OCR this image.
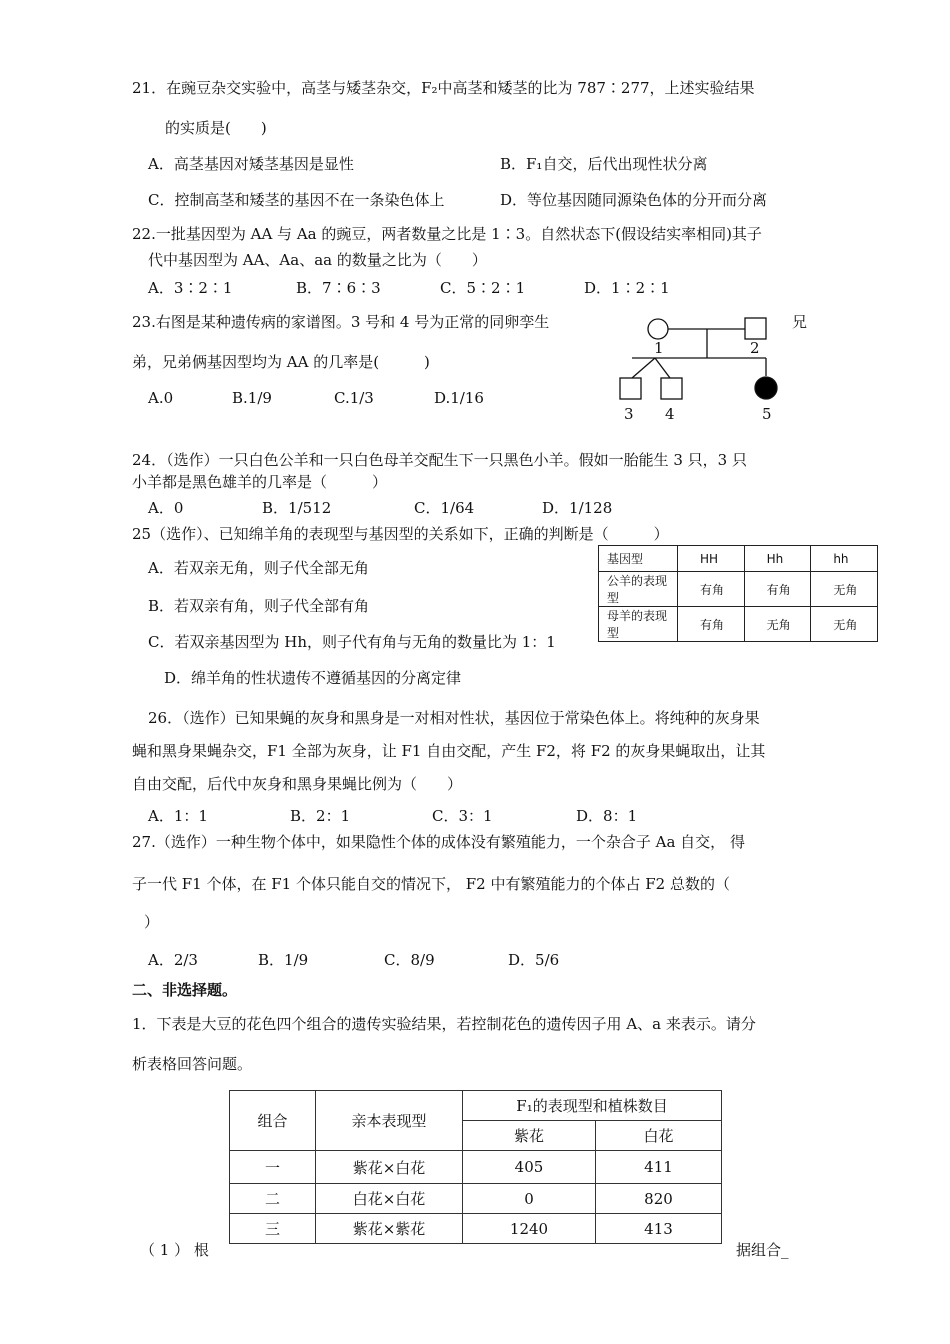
21．在豌豆杂交实验中，高茎与矮茎杂交，F₂中高茎和矮茎的比为 787∶277，上述实验结果
的实质是(　　)
A．高茎基因对矮茎基因是显性	B．F₁自交，后代出现性状分离
C．控制高茎和矮茎的基因不在一条染色体上	D．等位基因随同源染色体的分开而分离
22.一批基因型为 AA 与 Aa 的豌豆，两者数量之比是 1∶3。自然状态下(假设结实率相同)其子
代中基因型为 AA、Aa、aa 的数量之比为（　　）
A．3∶2∶1	B．7∶6∶3	C．5∶2∶1	D．1∶2∶1
23.右图是某种遗传病的家谱图。3 号和 4 号为正常的同卵孪生	兄
弟，兄弟俩基因型均为 AA 的几率是(　　　)
A.0	B.1/9	C.1/3	D.1/16
1	2
3 4	5
24．（选作）一只白色公羊和一只白色母羊交配生下一只黑色小羊。假如一胎能生 3 只，3 只
小羊都是黑色雄羊的几率是（　　　）
A．0	B．1/512	C．1/64	D．1/128
25（选作）、已知绵羊角的表现型与基因型的关系如下，正确的判断是（　　　）
A．若双亲无角，则子代全部无角
B．若双亲有角，则子代全部有角
C．若双亲基因型为 Hh，则子代有角与无角的数量比为 1：1
D．绵羊角的性状遗传不遵循基因的分离定律
基因型	HH	Hh	hh
公羊的表现型	有角	有角	无角
母羊的表现型	有角	无角	无角
26．（选作）已知果蝇的灰身和黑身是一对相对性状，基因位于常染色体上。将纯种的灰身果
蝇和黑身果蝇杂交，F1 全部为灰身，让 F1 自由交配，产生 F2，将 F2 的灰身果蝇取出，让其
自由交配，后代中灰身和黑身果蝇比例为（　　）
A．1：1	B．2：1	C．3：1	D．8：1
27.（选作）一种生物个体中，如果隐性个体的成体没有繁殖能力，一个杂合子 Aa 自交， 得
子一代 F1 个体，在 F1 个体只能自交的情况下， F2 中有繁殖能力的个体占 F2 总数的（
）
A．2/3	B．1/9	C．8/9	D．5/6
二、非选择题。
1．下表是大豆的花色四个组合的遗传实验结果，若控制花色的遗传因子用 A、a 来表示。请分
析表格回答问题。
组合	亲本表现型	F₁的表现型和植株数目	
		紫花	白花
一	紫花×白花	405	411
二	白花×白花	0	820
三	紫花×紫花	1240	413
（ 1 ） 根	据组合_
